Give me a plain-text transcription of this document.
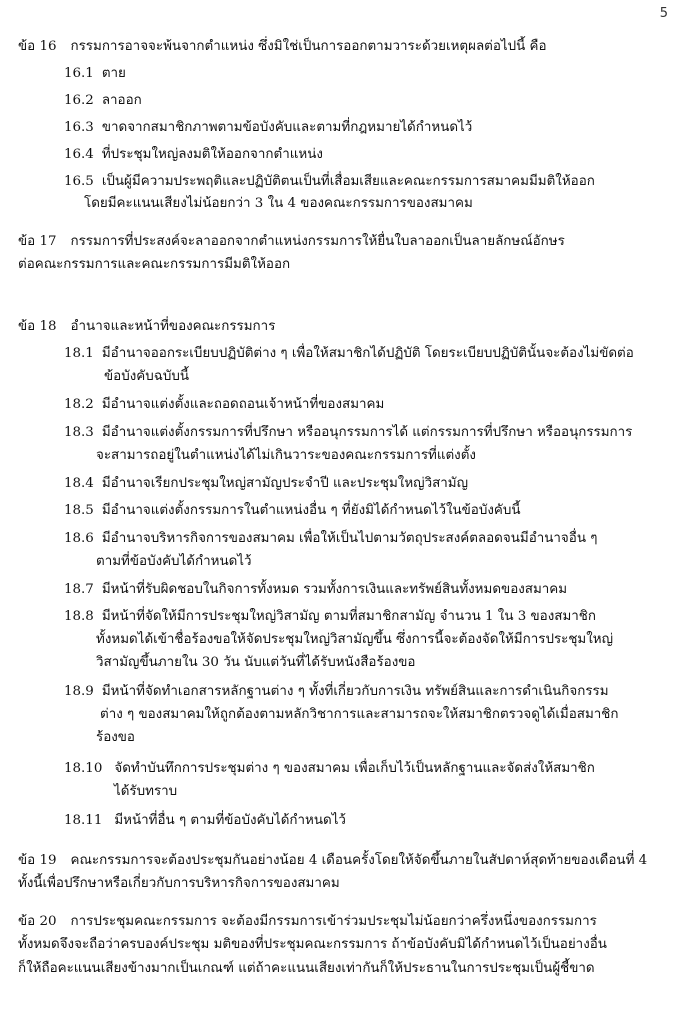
5
ข้อ 16 กรรมการอาจจะพ้นจากตำแหน่ง ซึ่งมิใช่เป็นการออกตามวาระด้วยเหตุผลต่อไปนี้ คือ
16.1 ตาย
16.2 ลาออก
16.3 ขาดจากสมาชิกภาพตามข้อบังคับและตามที่กฎหมายได้กำหนดไว้
16.4 ที่ประชุมใหญ่ลงมติให้ออกจากตำแหน่ง
16.5 เป็นผู้มีความประพฤติและปฏิบัติตนเป็นที่เสื่อมเสียและคณะกรรมการสมาคมมีมติให้ออก
โดยมีคะแนนเสียงไม่น้อยกว่า 3 ใน 4 ของคณะกรรมการของสมาคม
ข้อ 17 กรรมการที่ประสงค์จะลาออกจากตำแหน่งกรรมการให้ยื่นใบลาออกเป็นลายลักษณ์อักษร
ต่อคณะกรรมการและคณะกรรมการมีมติให้ออก
ข้อ 18 อำนาจและหน้าที่ของคณะกรรมการ
18.1 มีอำนาจออกระเบียบปฏิบัติต่าง ๆ เพื่อให้สมาชิกได้ปฏิบัติ โดยระเบียบปฏิบัตินั้นจะต้องไม่ขัดต่อ
ข้อบังคับฉบับนี้
18.2 มีอำนาจแต่งตั้งและถอดถอนเจ้าหน้าที่ของสมาคม
18.3 มีอำนาจแต่งตั้งกรรมการที่ปรึกษา หรืออนุกรรมการได้ แต่กรรมการที่ปรึกษา หรืออนุกรรมการ
จะสามารถอยู่ในตำแหน่งได้ไม่เกินวาระของคณะกรรมการที่แต่งตั้ง
18.4 มีอำนาจเรียกประชุมใหญ่สามัญประจำปี และประชุมใหญ่วิสามัญ
18.5 มีอำนาจแต่งตั้งกรรมการในตำแหน่งอื่น ๆ ที่ยังมิได้กำหนดไว้ในข้อบังคับนี้
18.6 มีอำนาจบริหารกิจการของสมาคม เพื่อให้เป็นไปตามวัตถุประสงค์ตลอดจนมีอำนาจอื่น ๆ
ตามที่ข้อบังคับได้กำหนดไว้
18.7 มีหน้าที่รับผิดชอบในกิจการทั้งหมด รวมทั้งการเงินและทรัพย์สินทั้งหมดของสมาคม
18.8 มีหน้าที่จัดให้มีการประชุมใหญ่วิสามัญ ตามที่สมาชิกสามัญ จำนวน 1 ใน 3 ของสมาชิก
ทั้งหมดได้เข้าชื่อร้องขอให้จัดประชุมใหญ่วิสามัญขึ้น ซึ่งการนี้จะต้องจัดให้มีการประชุมใหญ่
วิสามัญขึ้นภายใน 30 วัน นับแต่วันที่ได้รับหนังสือร้องขอ
18.9 มีหน้าที่จัดทำเอกสารหลักฐานต่าง ๆ ทั้งที่เกี่ยวกับการเงิน ทรัพย์สินและการดำเนินกิจกรรม
ต่าง ๆ ของสมาคมให้ถูกต้องตามหลักวิชาการและสามารถจะให้สมาชิกตรวจดูได้เมื่อสมาชิก
ร้องขอ
18.10 จัดทำบันทึกการประชุมต่าง ๆ ของสมาคม เพื่อเก็บไว้เป็นหลักฐานและจัดส่งให้สมาชิก
ได้รับทราบ
18.11 มีหน้าที่อื่น ๆ ตามที่ข้อบังคับได้กำหนดไว้
ข้อ 19 คณะกรรมการจะต้องประชุมกันอย่างน้อย 4 เดือนครั้งโดยให้จัดขึ้นภายในสัปดาห์สุดท้ายของเดือนที่ 4
ทั้งนี้เพื่อปรึกษาหรือเกี่ยวกับการบริหารกิจการของสมาคม
ข้อ 20 การประชุมคณะกรรมการ จะต้องมีกรรมการเข้าร่วมประชุมไม่น้อยกว่าครึ่งหนึ่งของกรรมการ
ทั้งหมดจึงจะถือว่าครบองค์ประชุม มติของที่ประชุมคณะกรรมการ ถ้าข้อบังคับมิได้กำหนดไว้เป็นอย่างอื่น
ก็ให้ถือคะแนนเสียงข้างมากเป็นเกณฑ์ แต่ถ้าคะแนนเสียงเท่ากันก็ให้ประธานในการประชุมเป็นผู้ชี้ขาด
